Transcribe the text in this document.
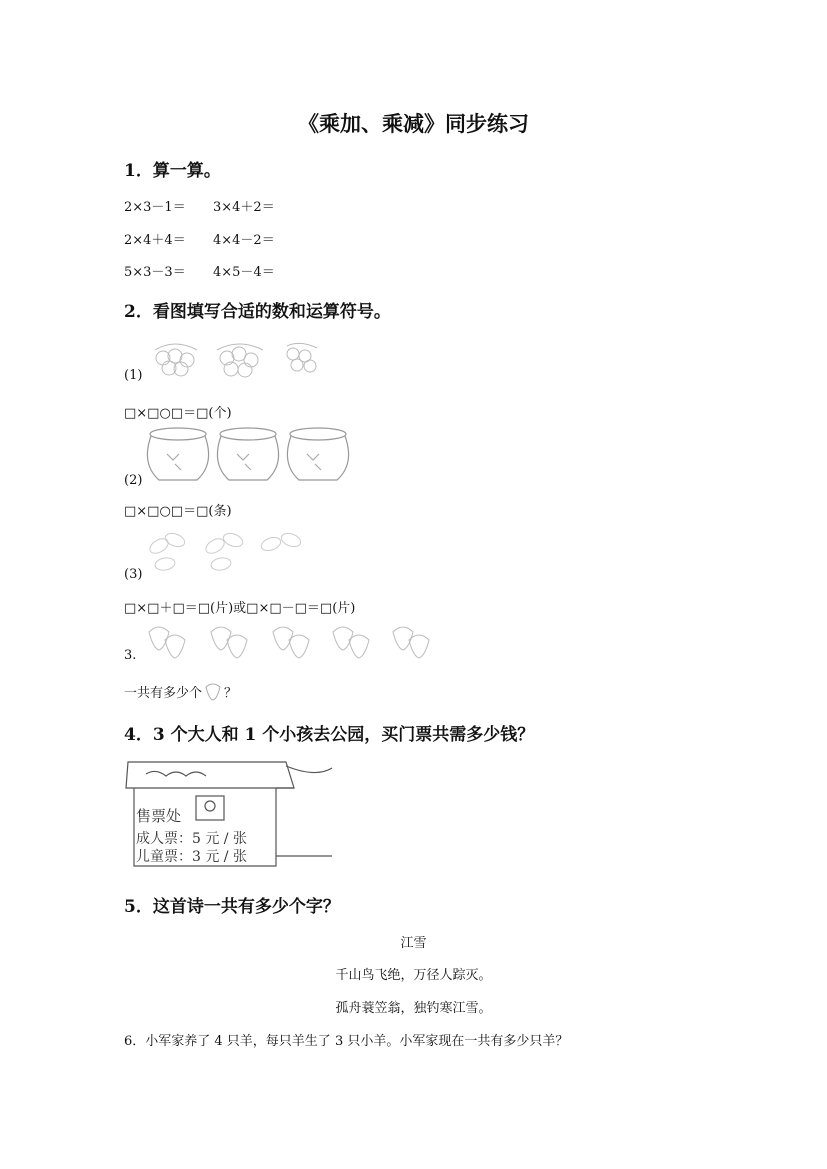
《乘加、乘减》同步练习
1．算一算。
2×3－1＝ 3×4＋2＝
2×4＋4＝ 4×4－2＝
5×3－3＝ 4×5－4＝
2．看图填写合适的数和运算符号。
(1)
□×□○□＝□(个)
(2)
□×□○□＝□(条)
(3)
□×□＋□＝□(片)或□×□－□＝□(片)
3.
一共有多少个 ？
4．3 个大人和 1 个小孩去公园，买门票共需多少钱？
售票处
成人票：5 元 / 张
儿童票：3 元 / 张
5．这首诗一共有多少个字？
江雪
千山鸟飞绝，万径人踪灭。
孤舟蓑笠翁，独钓寒江雪。
6．小军家养了 4 只羊，每只羊生了 3 只小羊。小军家现在一共有多少只羊？
